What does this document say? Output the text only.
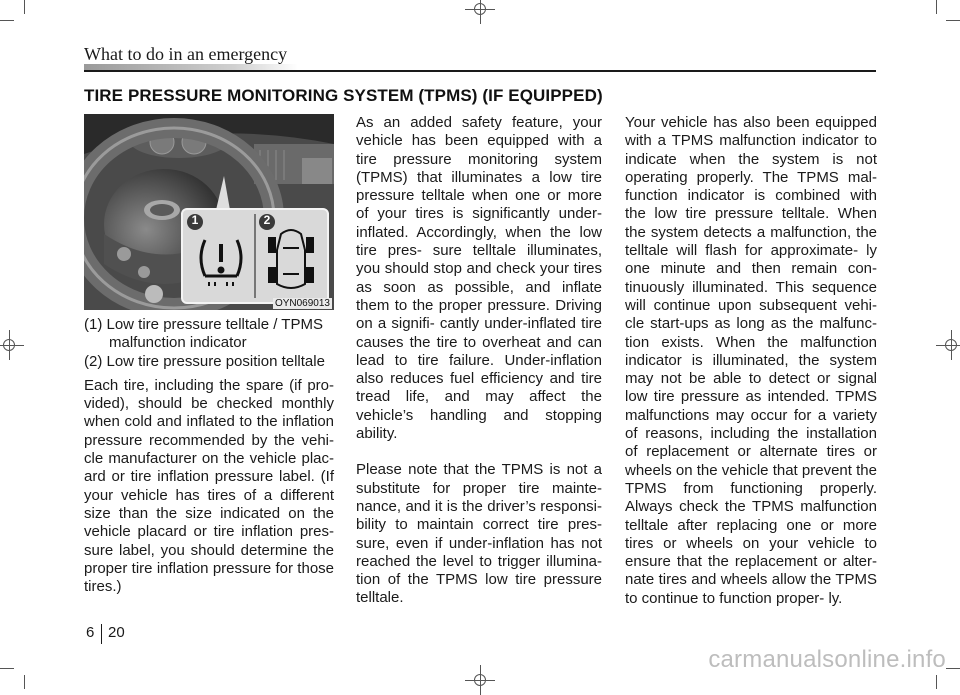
What to do in an emergency
TIRE PRESSURE MONITORING SYSTEM (TPMS) (IF EQUIPPED)
1	2
OYN069013

(1) Low tire pressure telltale / TPMS malfunction indicator

(2) Low tire pressure position telltale

Each tire, including the spare (if pro- vided), should be checked monthly when cold and inflated to the inflation pressure recommended by the vehi- cle manufacturer on the vehicle plac- ard or tire inflation pressure label. (If your vehicle has tires of a different size than the size indicated on the vehicle placard or tire inflation pres- sure label, you should determine the proper tire inflation pressure for those tires.)

As an added safety feature, your vehicle has been equipped with a tire pressure monitoring system (TPMS) that illuminates a low tire pressure telltale when one or more of your tires is significantly under-inflated. Accordingly, when the low tire pres- sure telltale illuminates, you should stop and check your tires as soon as possible, and inflate them to the proper pressure. Driving on a signifi- cantly under-inflated tire causes the tire to overheat and can lead to tire failure. Under-inflation also reduces fuel efficiency and tire tread life, and may affect the vehicle’s handling and stopping ability.

Please note that the TPMS is not a substitute for proper tire mainte- nance, and it is the driver’s responsi- bility to maintain correct tire pres- sure, even if under-inflation has not reached the level to trigger illumina- tion of the TPMS low tire pressure telltale.

Your vehicle has also been equipped with a TPMS malfunction indicator to indicate when the system is not operating properly. The TPMS mal- function indicator is combined with the low tire pressure telltale. When the system detects a malfunction, the telltale will flash for approximate- ly one minute and then remain con- tinuously illuminated. This sequence will continue upon subsequent vehi- cle start-ups as long as the malfunc- tion exists. When the malfunction indicator is illuminated, the system may not be able to detect or signal low tire pressure as intended. TPMS malfunctions may occur for a variety of reasons, including the installation of replacement or alternate tires or wheels on the vehicle that prevent the TPMS from functioning properly. Always check the TPMS malfunction telltale after replacing one or more tires or wheels on your vehicle to ensure that the replacement or alter- nate tires and wheels allow the TPMS to continue to function proper- ly.

6 20
carmanualsonline.info
